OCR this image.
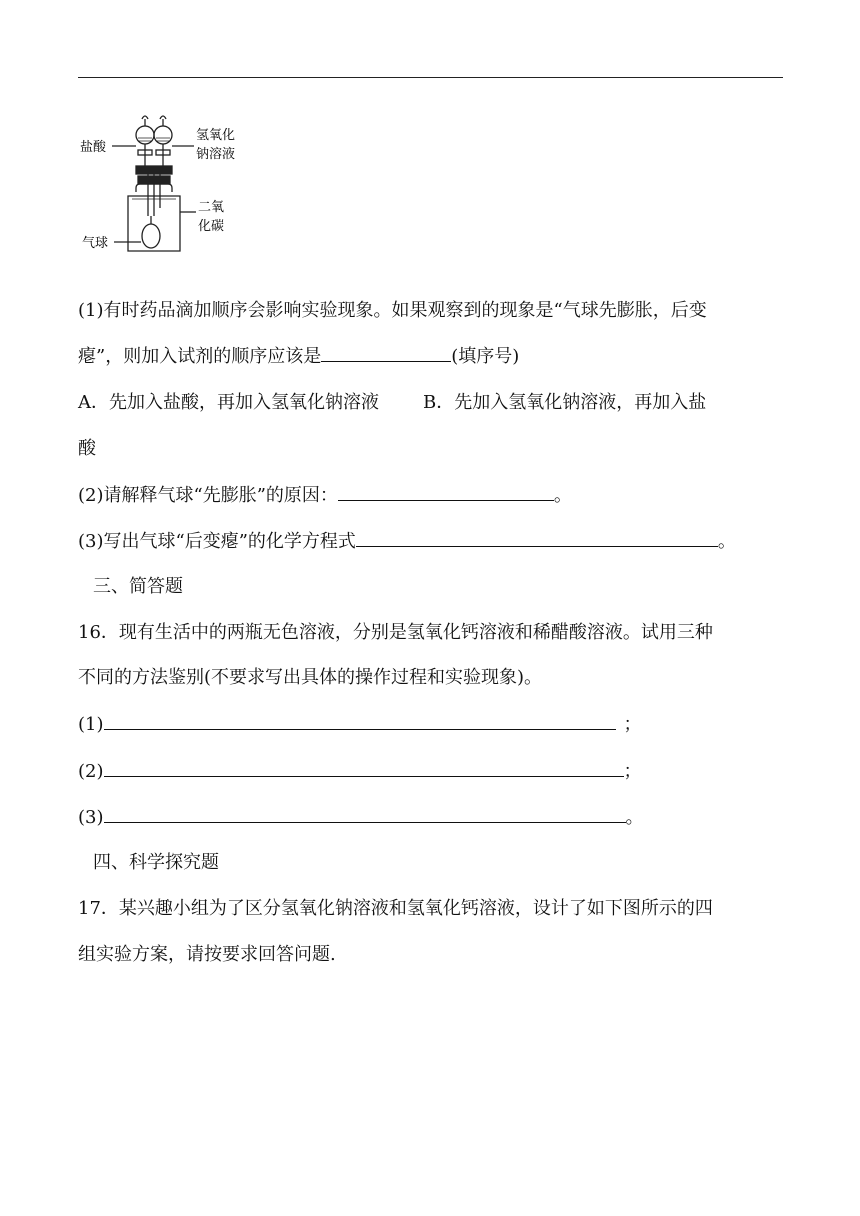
盐酸
氢氧化
钠溶液
二氧
化碳
气球
(1)有时药品滴加顺序会影响实验现象。如果观察到的现象是“气球先膨胀，后变
瘪”，则加入试剂的顺序应该是	(填序号)
A．先加入盐酸，再加入氢氧化钠溶液 B．先加入氢氧化钠溶液，再加入盐
酸
(2)请解释气球“先膨胀”的原因：	。
(3)写出气球“后变瘪”的化学方程式	。
三、简答题
16．现有生活中的两瓶无色溶液，分别是氢氧化钙溶液和稀醋酸溶液。试用三种
不同的方法鉴别(不要求写出具体的操作过程和实验现象)。
(1)	；
(2)	；
(3)	。
四、科学探究题
17．某兴趣小组为了区分氢氧化钠溶液和氢氧化钙溶液，设计了如下图所示的四
组实验方案，请按要求回答问题.
